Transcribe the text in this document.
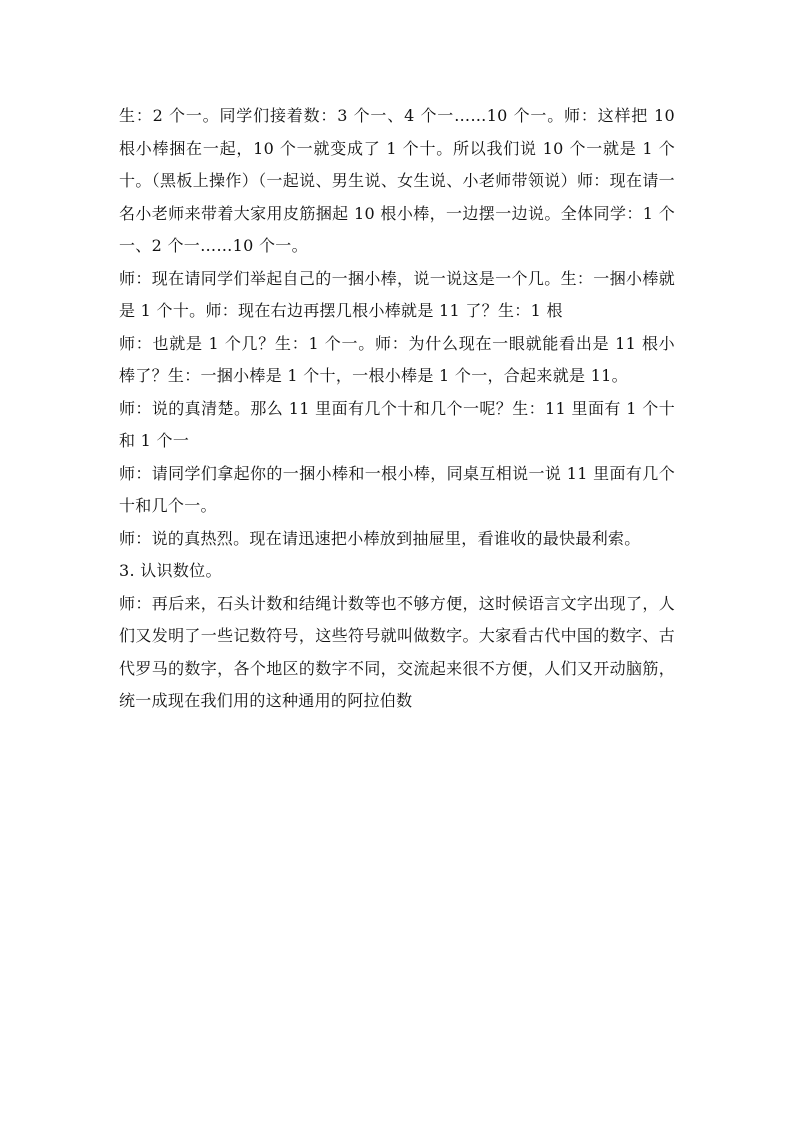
生：2 个一。同学们接着数：3 个一、4 个一……10 个一。师：这样把 10 根小棒捆在一起，10 个一就变成了 1 个十。所以我们说 10 个一就是 1 个十。（黑板上操作）（一起说、男生说、女生说、小老师带领说）师：现在请一名小老师来带着大家用皮筋捆起 10 根小棒，一边摆一边说。全体同学：1 个一、2 个一……10 个一。

师：现在请同学们举起自己的一捆小棒，说一说这是一个几。生：一捆小棒就是 1 个十。师：现在右边再摆几根小棒就是 11 了？生：1 根

师：也就是 1 个几？生：1 个一。师：为什么现在一眼就能看出是 11 根小棒了？生：一捆小棒是 1 个十，一根小棒是 1 个一，合起来就是 11。

师：说的真清楚。那么 11 里面有几个十和几个一呢？生：11 里面有 1 个十和 1 个一

师：请同学们拿起你的一捆小棒和一根小棒，同桌互相说一说 11 里面有几个十和几个一。

师：说的真热烈。现在请迅速把小棒放到抽屉里，看谁收的最快最利索。

3. 认识数位。

师：再后来，石头计数和结绳计数等也不够方便，这时候语言文字出现了，人们又发明了一些记数符号，这些符号就叫做数字。大家看古代中国的数字、古代罗马的数字，各个地区的数字不同，交流起来很不方便，人们又开动脑筋，统一成现在我们用的这种通用的阿拉伯数
